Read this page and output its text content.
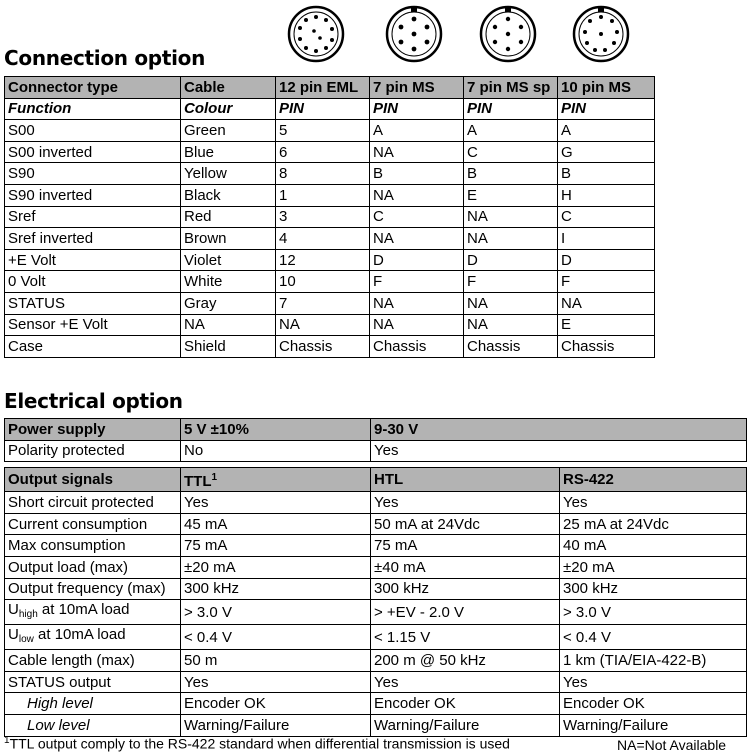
Connection option
Connector type	Cable	12 pin EML	7 pin MS	7 pin MS sp	10 pin MS
Function	Colour	PIN	PIN	PIN	PIN
S00	Green	5	A	A	A
S00 inverted	Blue	6	NA	C	G
S90	Yellow	8	B	B	B
S90 inverted	Black	1	NA	E	H
Sref	Red	3	C	NA	C
Sref inverted	Brown	4	NA	NA	I
+E Volt	Violet	12	D	D	D
0 Volt	White	10	F	F	F
STATUS	Gray	7	NA	NA	NA
Sensor +E Volt	NA	NA	NA	NA	E
Case	Shield	Chassis	Chassis	Chassis	Chassis
Electrical option
Power supply	5 V ±10%	9-30 V	
Polarity protected	No	Yes	

Output signals	TTL$^1$	HTL	RS-422
Short circuit protected	Yes	Yes	Yes
Current consumption	45 mA	50 mA at 24Vdc	25 mA at 24Vdc
Max consumption	75 mA	75 mA	40 mA
Output load (max)	±20 mA	±40 mA	±20 mA
Output frequency (max)	300 kHz	300 kHz	300 kHz
$U_{high}$ at 10mA load	> 3.0 V	> +EV - 2.0 V	> 3.0 V
$U_{low}$ at 10mA load	< 0.4 V	< 1.15 V	< 0.4 V
Cable length (max)	50 m	200 m @ 50 kHz	1 km (TIA/EIA-422-B)
STATUS output	Yes	Yes	Yes
High level	Encoder OK	Encoder OK	Encoder OK
Low level	Warning/Failure	Warning/Failure	Warning/Failure
$^1$TTL output comply to the RS-422 standard when differential transmission is used	NA=Not Available
